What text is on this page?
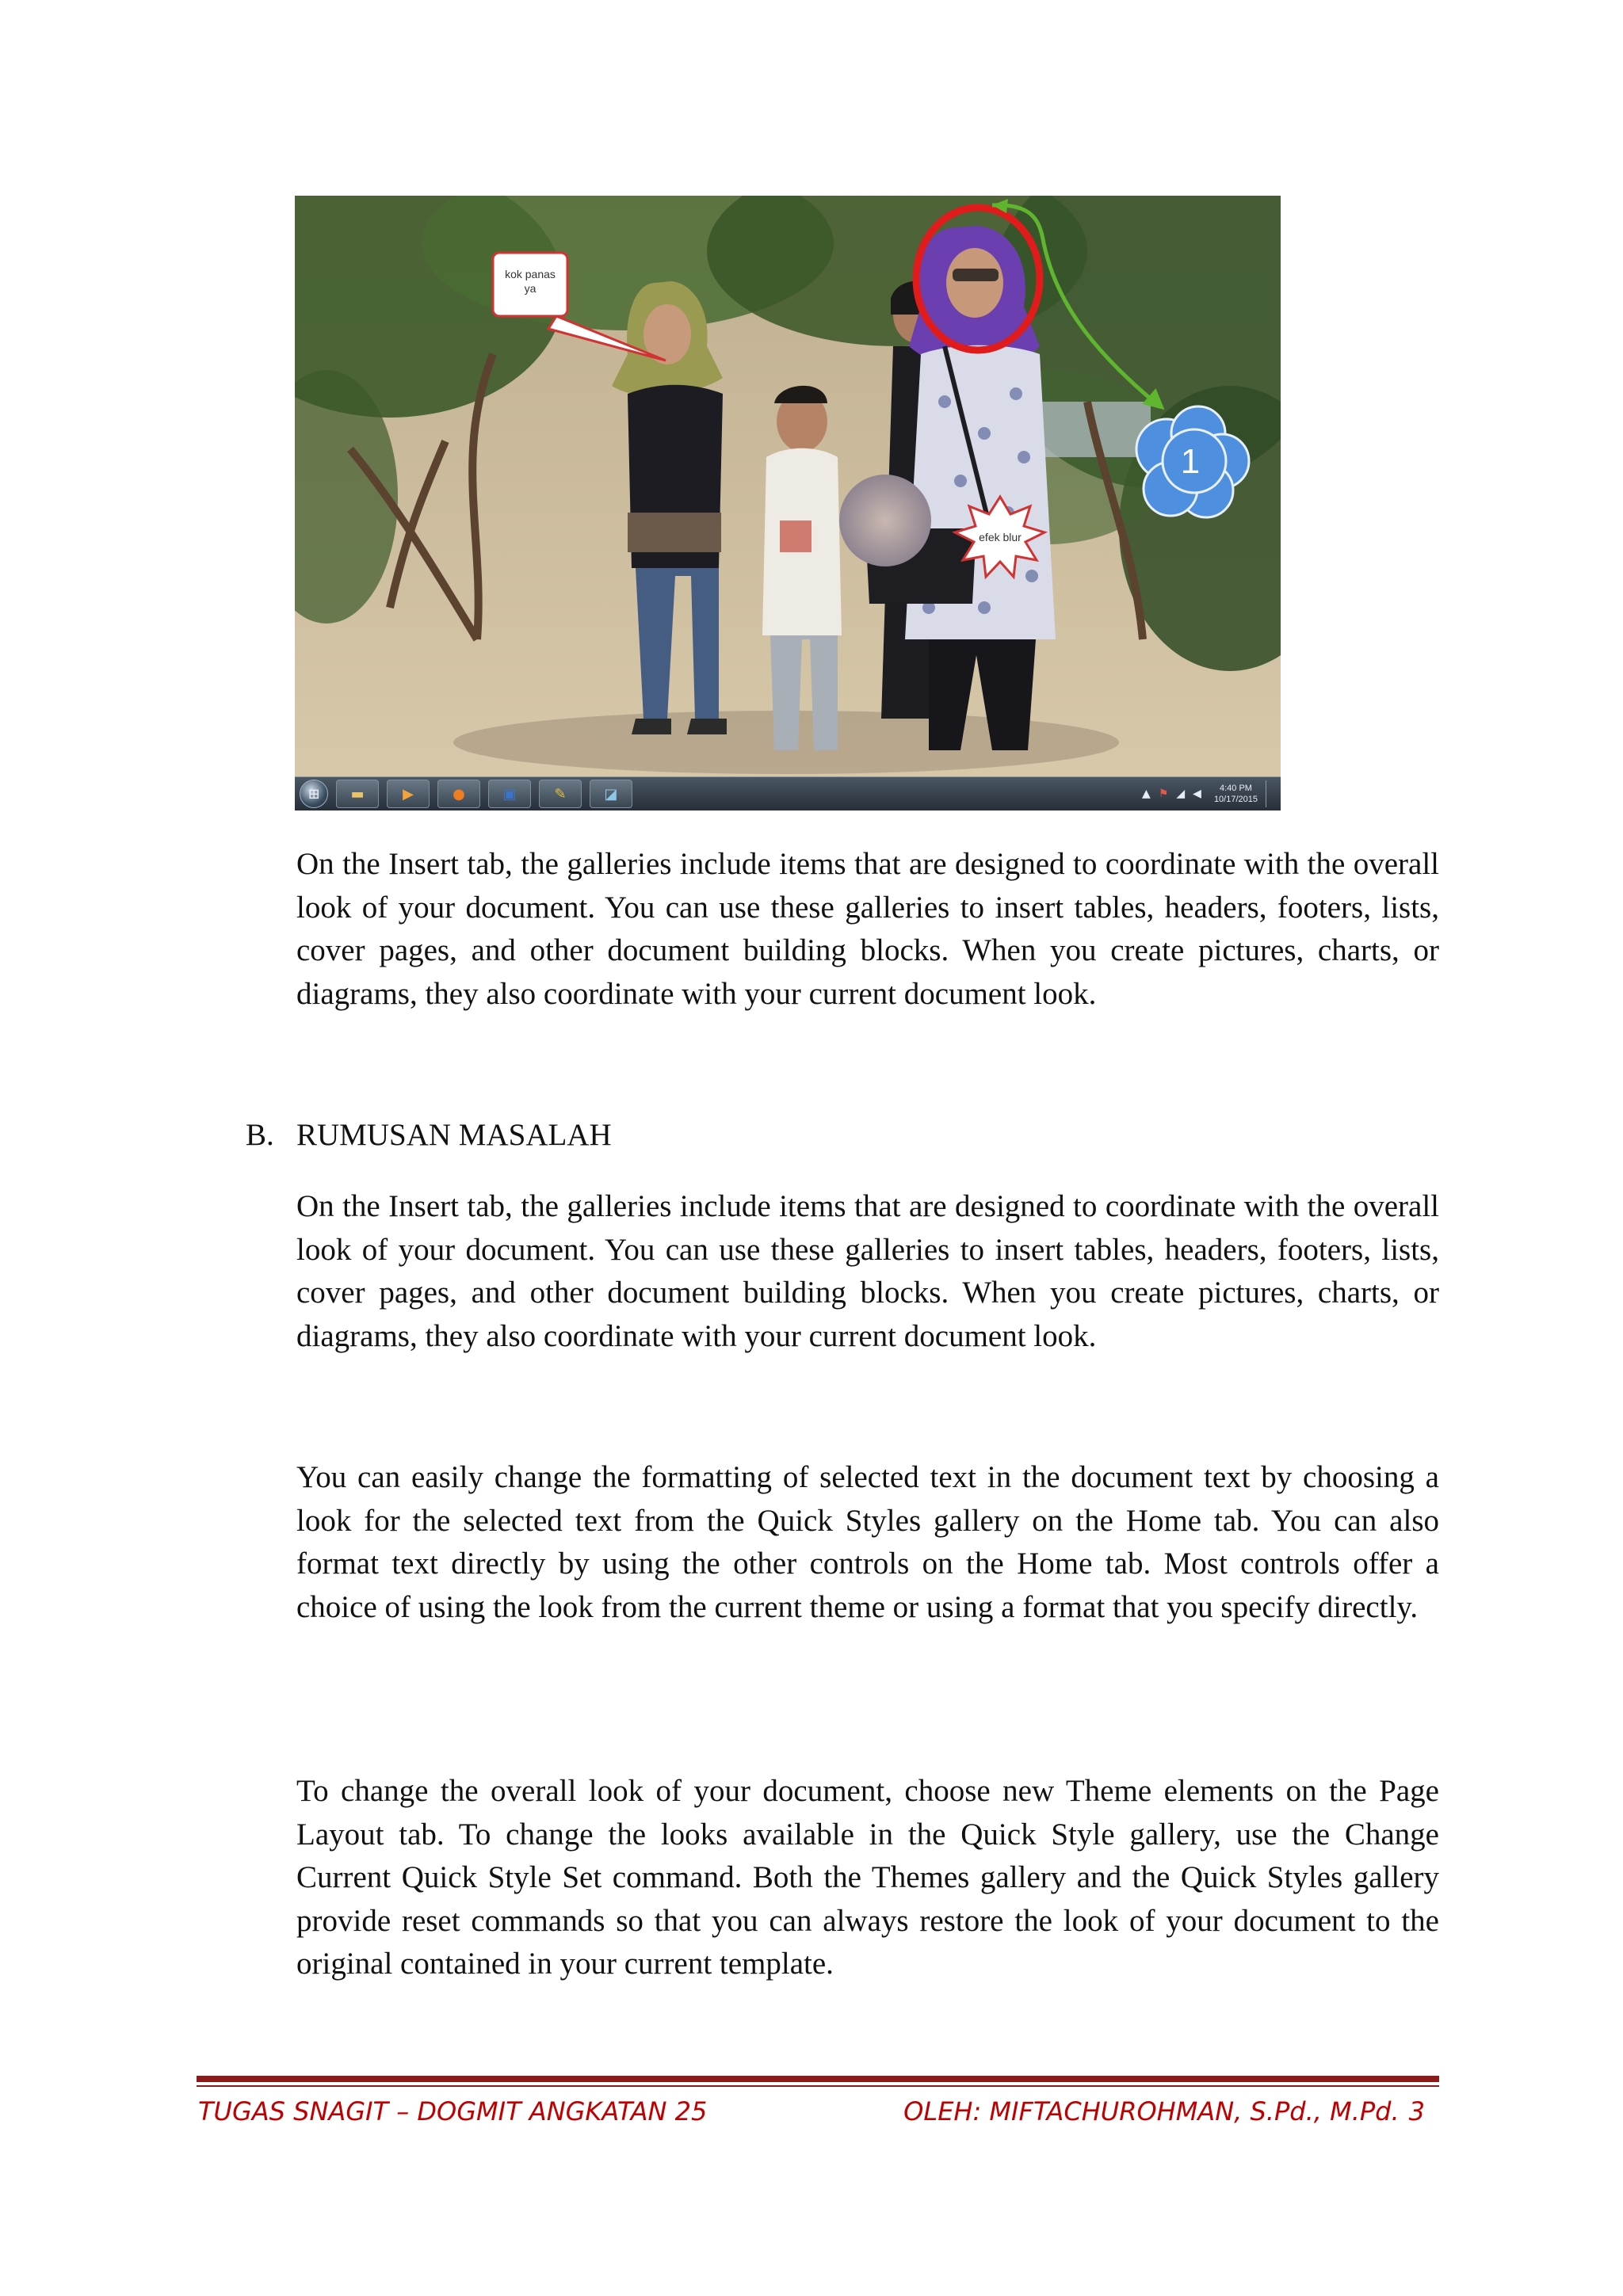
kok panas
ya
1
efek blur
⊞ ▬	▶	●	▣	✎	◪	▲ ⚑ ◢ ◀ 4:40 PM
10/17/2015

On the Insert tab, the galleries include items that are designed to coordinate with the overall look of your document. You can use these galleries to insert tables, headers, footers, lists, cover pages, and other document building blocks. When you create pictures, charts, or diagrams, they also coordinate with your current document look.

B. RUMUSAN MASALAH

On the Insert tab, the galleries include items that are designed to coordinate with the overall look of your document. You can use these galleries to insert tables, headers, footers, lists, cover pages, and other document building blocks. When you create pictures, charts, or diagrams, they also coordinate with your current document look.

You can easily change the formatting of selected text in the document text by choosing a look for the selected text from the Quick Styles gallery on the Home tab. You can also format text directly by using the other controls on the Home tab. Most controls offer a choice of using the look from the current theme or using a format that you specify directly.

To change the overall look of your document, choose new Theme elements on the Page Layout tab. To change the looks available in the Quick Style gallery, use the Change Current Quick Style Set command. Both the Themes gallery and the Quick Styles gallery provide reset commands so that you can always restore the look of your document to the original contained in your current template.

TUGAS SNAGIT – DOGMIT ANGKATAN 25	OLEH: MIFTACHUROHMAN, S.Pd., M.Pd. 3
